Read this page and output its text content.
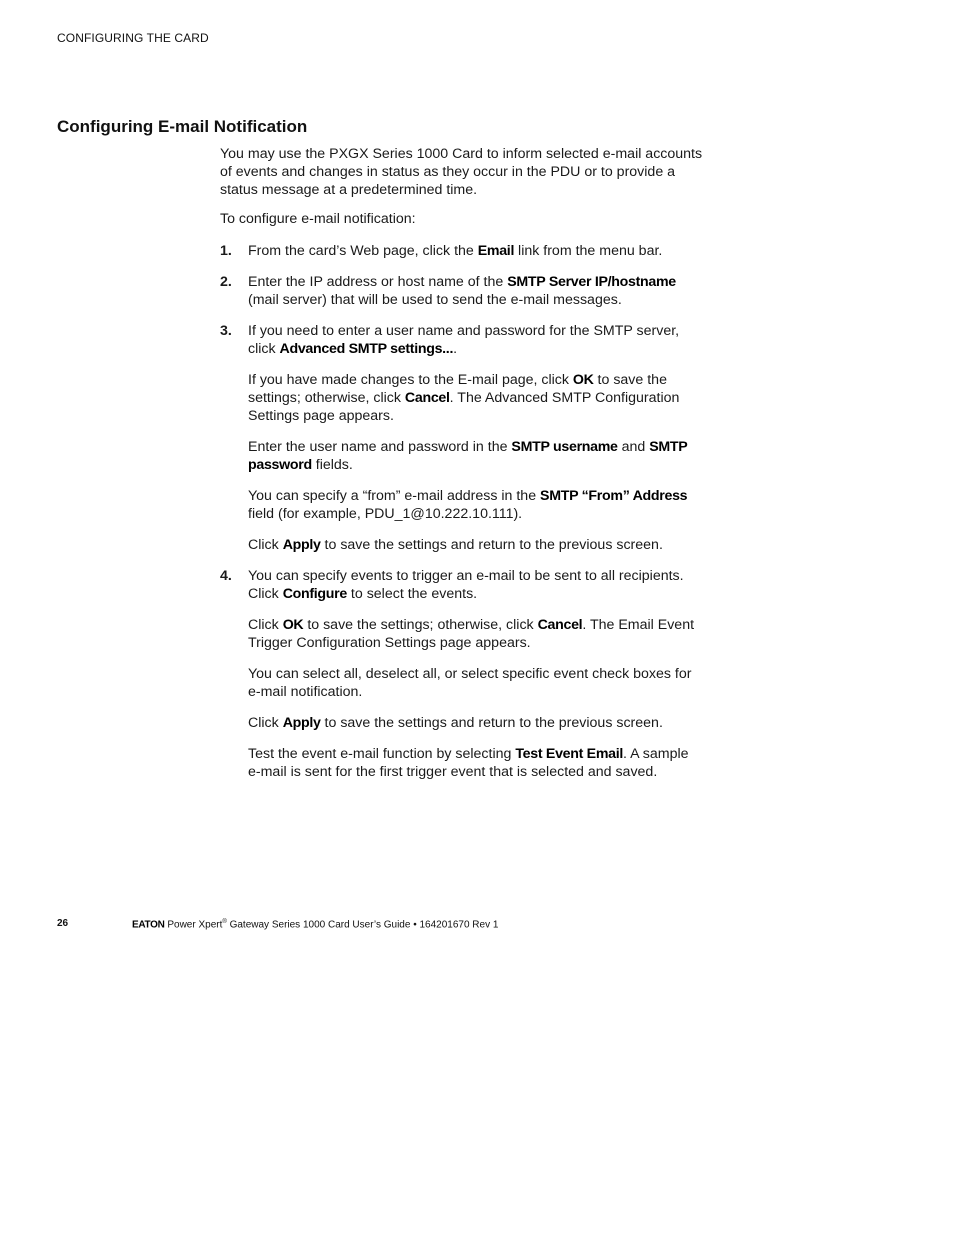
CONFIGURING THE CARD
Configuring E-mail Notification

You may use the PXGX Series 1000 Card to inform selected e-mail accounts of events and changes in status as they occur in the PDU or to provide a status message at a predetermined time.

To configure e-mail notification:

1. From the card’s Web page, click the Email link from the menu bar.

2. Enter the IP address or host name of the SMTP Server IP/hostname (mail server) that will be used to send the e-mail messages.

3. If you need to enter a user name and password for the SMTP server, click Advanced SMTP settings....

If you have made changes to the E-mail page, click OK to save the settings; otherwise, click Cancel. The Advanced SMTP Configuration Settings page appears.

Enter the user name and password in the SMTP username and SMTP password fields.

You can specify a “from” e-mail address in the SMTP “From” Address field (for example, PDU_1@10.222.10.111).

Click Apply to save the settings and return to the previous screen.

4. You can specify events to trigger an e-mail to be sent to all recipients. Click Configure to select the events.

Click OK to save the settings; otherwise, click Cancel. The Email Event Trigger Configuration Settings page appears.

You can select all, deselect all, or select specific event check boxes for e-mail notification.

Click Apply to save the settings and return to the previous screen.

Test the event e-mail function by selecting Test Event Email. A sample e-mail is sent for the first trigger event that is selected and saved.

26	EATON Power Xpert® Gateway Series 1000 Card User’s Guide • 164201670 Rev 1
